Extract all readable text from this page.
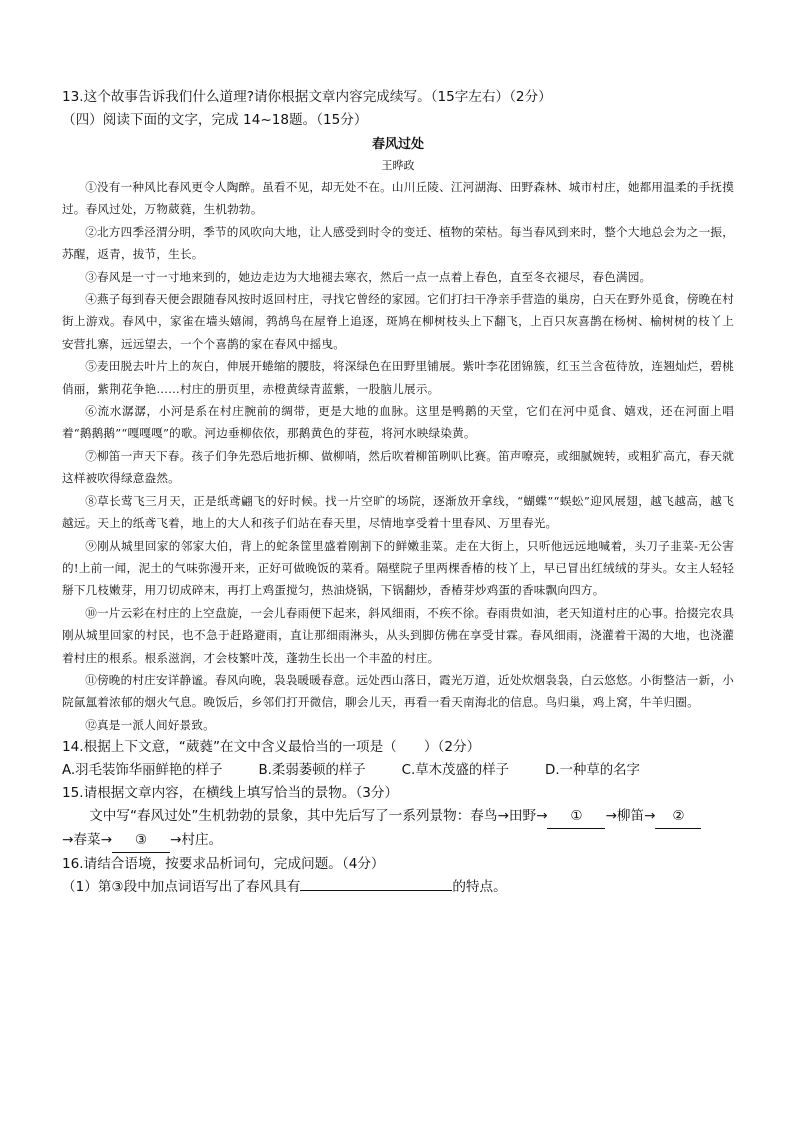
13.这个故事告诉我们什么道理?请你根据文章内容完成续写。（15字左右）（2分）
（四）阅读下面的文字，完成 14~18题。（15分）
春风过处
王晔政
①没有一种风比春风更令人陶醉。虽看不见，却无处不在。山川丘陵、江河湖海、田野森林、城市村庄，她都用温柔的手抚摸过。春风过处，万物葳蕤，生机勃勃。
②北方四季泾渭分明，季节的风吹向大地，让人感受到时令的变迁、植物的荣枯。每当春风到来时，整个大地总会为之一振，苏醒，返青，拔节，生长。
③春风是一寸一寸地来到的，她边走边为大地褪去寒衣，然后一点一点着上春色，直至冬衣褪尽，春色满园。
④燕子每到春天便会跟随春风按时返回村庄，寻找它曾经的家园。它们打扫干净亲手营造的巢房，白天在野外觅食，傍晚在村街上游戏。春风中，家雀在墙头嬉闹，鹁鸪鸟在屋脊上追逐，斑鸠在柳树枝头上下翻飞，上百只灰喜鹊在杨树、榆树树的枝丫上安营扎寨，远远望去，一个个喜鹊的家在春风中摇曳。
⑤麦田脱去叶片上的灰白，伸展开蜷缩的腰肢，将深绿色在田野里铺展。紫叶李花团锦簇，红玉兰含苞待放，连翘灿烂，碧桃俏丽，紫荆花争艳……村庄的册页里，赤橙黄绿青蓝紫，一股脑儿展示。
⑥流水潺潺，小河是系在村庄腕前的绸带，更是大地的血脉。这里是鸭鹅的天堂，它们在河中觅食、嬉戏，还在河面上唱着“鹅鹅鹅”“嘎嘎嘎”的歌。河边垂柳依依，那鹅黄色的芽苞，将河水映绿染黄。
⑦柳笛一声天下春。孩子们争先恐后地折柳、做柳哨，然后吹着柳笛咧叭比赛。笛声嘹亮，或细腻婉转，或粗犷高亢，春天就这样被吹得绿意盎然。
⑧草长莺飞三月天，正是纸鸢翩飞的好时候。找一片空旷的场院，逐渐放开拿线，“蝴蝶”“蜈蚣”迎风展翅，越飞越高，越飞越远。天上的纸鸢飞着，地上的大人和孩子们站在春天里，尽情地享受着十里春风、万里春光。
⑨刚从城里回家的邻家大伯，背上的蛇条筐里盛着刚割下的鲜嫩韭菜。走在大街上，只听他远远地喊着，头刀子韭菜-无公害的!上前一闻，泥土的气味弥漫开来，正好可做晚饭的菜肴。隔壁院子里两棵香椿的枝丫上，早已冒出红绒绒的芽头。女主人轻轻掰下几枝嫩芽，用刀切成碎末，再打上鸡蛋搅匀，热油烧锅，下锅翻炒，香椿芽炒鸡蛋的香味飘向四方。
⑩一片云彩在村庄的上空盘旋，一会儿春雨便下起来，斜风细雨，不疾不徐。春雨贵如油，老天知道村庄的心事。拾掇完农具刚从城里回家的村民，也不急于赶路避雨，直让那细雨淋头，从头到脚仿佛在享受甘霖。春风细雨，浇灌着干渴的大地，也浇灌着村庄的根系。根系滋润，才会枝繁叶茂，蓬勃生长出一个丰盈的村庄。
⑪傍晚的村庄安详静谧。春风向晚，袅袅暖暖春意。远处西山落日，霞光万道，近处炊烟袅袅，白云悠悠。小街整洁一新，小院氤氲着浓郁的烟火气息。晚饭后，乡邻们打开微信，聊会儿天，再看一看天南海北的信息。鸟归巢，鸡上窝，牛羊归圈。
⑫真是一派人间好景致。
14.根据上下文意，“葳蕤”在文中含义最恰当的一项是（　　）（2分）
A.羽毛装饰华丽鲜艳的样子	B.柔弱萎顿的样子	C.草木茂盛的样子	D.一种草的名字
15.请根据文章内容，在横线上填写恰当的景物。（3分）
文中写“春风过处”生机勃勃的景象，其中先后写了一系列景物：春鸟→田野→ ① →柳笛→ ②
→春菜→ ③ →村庄。
16.请结合语境，按要求品析词句，完成问题。（4分）
（1）第③段中加点词语写出了春风具有	的特点。
